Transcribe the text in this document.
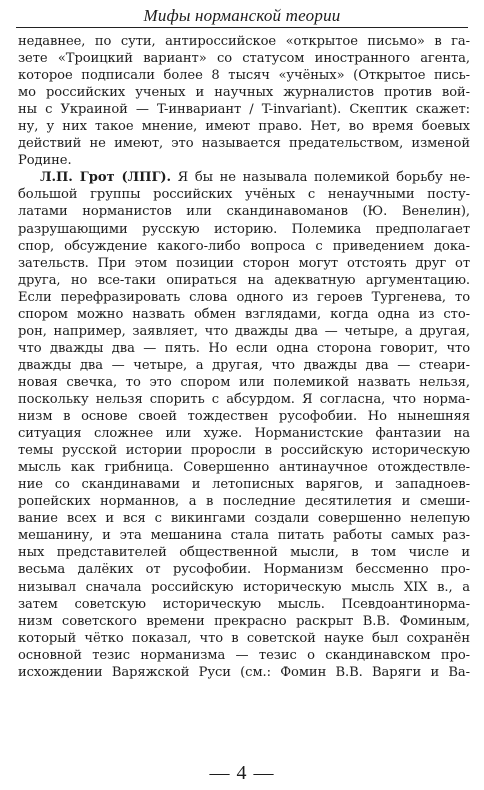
Мифы норманской теории
недавнее, по сути, антироссийское «открытое письмо» в га-
зете «Троицкий вариант» со статусом иностранного агента,
которое подписали более 8 тысяч «учёных» (Открытое пись-
мо российских ученых и научных журналистов против вой-
ны с Украиной — T-инвариант / T-invariant). Скептик скажет:
ну, у них такое мнение, имеют право. Нет, во время боевых
действий не имеют, это называется предательством, изменой
Родине.
Л.П. Грот (ЛПГ). Я бы не называла полемикой борьбу не-
большой группы российских учёных с ненаучными посту-
латами норманистов или скандинавоманов (Ю. Венелин),
разрушающими русскую историю. Полемика предполагает
спор, обсуждение какого-либо вопроса с приведением дока-
зательств. При этом позиции сторон могут отстоять друг от
друга, но все-таки опираться на адекватную аргументацию.
Если перефразировать слова одного из героев Тургенева, то
спором можно назвать обмен взглядами, когда одна из сто-
рон, например, заявляет, что дважды два — четыре, а другая,
что дважды два — пять. Но если одна сторона говорит, что
дважды два — четыре, а другая, что дважды два — стеари-
новая свечка, то это спором или полемикой назвать нельзя,
поскольку нельзя спорить с абсурдом. Я согласна, что норма-
низм в основе своей тождествен русофобии. Но нынешняя
ситуация сложнее или хуже. Норманистские фантазии на
темы русской истории проросли в российскую историческую
мысль как грибница. Совершенно антинаучное отождествле-
ние со скандинавами и летописных варягов, и западноев-
ропейских норманнов, а в последние десятилетия и смеши-
вание всех и вся с викингами создали совершенно нелепую
мешанину, и эта мешанина стала питать работы самых раз-
ных представителей общественной мысли, в том числе и
весьма далёких от русофобии. Норманизм бессменно про-
низывал сначала российскую историческую мысль XIX в., а
затем советскую историческую мысль. Псевдоантинорма-
низм советского времени прекрасно раскрыт В.В. Фоминым,
который чётко показал, что в советской науке был сохранён
основной тезис норманизма — тезис о скандинавском про-
исхождении Варяжской Руси (см.: Фомин В.В. Варяги и Ва-
— 4 —
